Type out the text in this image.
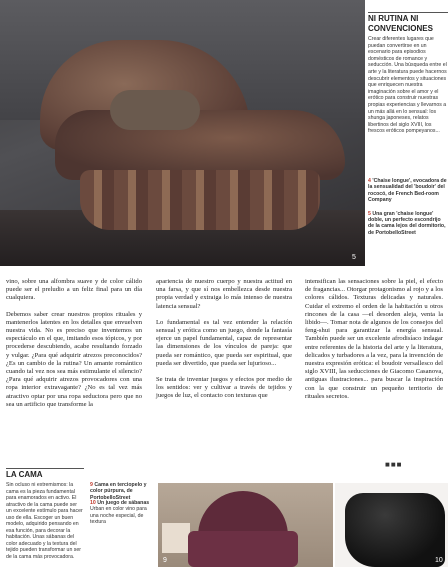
5
NI RUTINA NI CONVENCIONES
Crear diferentes lugares que puedan convertirse en un escenario para episodios domésticos de romance y seducción. Una búsqueda entre el arte y la literatura puede hacernos descubrir elementos y situaciones que enriquecen nuestra imaginación sobre el amor y el erótico para construir nuestras propias experiencias y llevarnos a un más allá en lo sensual: los shunga japoneses, relatos libertinos del siglo XVIII, los frescos eróticos pompeyanos...
4 'Chaise longue', evocadora de la sensualidad del 'boudoir' del rococó, de French Bed-room Company
5 Una gran 'chaise longue' doble, un perfecto escondrijo de la cama lejos del dormitorio, de PortobelloStreet

vino, sobre una alfombra suave y de color cálido puede ser el preludio a un feliz final para un día cualquiera.

Debemos saber crear nuestros propios rituales y mantenerlos latentes en los detalles que envuelven nuestra vida. No es preciso que inventemos un espectáculo en el que, imitando esos tópicos, y por procederse descubiendo, acabe resultando forzado y vulgar. ¿Para qué adquirir atrezos preconocidos? ¿Es un cambio de la rutina? Un amante romántico cuando tal vez nos sea más estimulante el silencio? ¿Para qué adquirir atrezos provocadores con una ropa interior extravagante? ¿No es tal vez más atractivo optar por una ropa seductora pero que no sea un artificio que transforme la

apariencia de nuestro cuerpo y nuestra actitud en una farsa, y que sí nos embellezca desde nuestra propia verdad y extraiga lo más intenso de nuestra latencia sensual?

Lo fundamental es tal vez entender la relación sensual y erótica como un juego, donde la fantasía ejerce un papel fundamental, capaz de representar las dimensiones de los vínculos de pareja: que pueda ser romántico, que pueda ser espiritual, que pueda ser divertido, que pueda ser lujurioso...

Se trata de inventar juegos y efectos por medio de los sentidos: ver y cultivar a través de tejidos y juegos de luz, el contacto con texturas que

intensifican las sensaciones sobre la piel, el efecto de fragancias... Otorgar protagonismo al rojo y a los colores cálidos. Texturas delicadas y naturales. Cuidar el extremo el orden de la habitación u otros rincones de la casa —el desorden aleja, venta la libido—. Tomar nota de algunos de los consejos del feng-shui para garantizar la energía sensual. También puede ser un excelente afrodisíaco indagar entre referentes de la historia del arte y la literatura, delicados y turbadores a la vez, para la invención de nuestra expresión erótica: el boudoir versallesco del siglo XVIII, las seducciones de Giacomo Casanova, antiguas ilustraciones... para buscar la inspiración con la que construir un pequeño territorio de rituales secretos.

■■■
LA CAMA
Sin ocluso ni extremismos: la cama es la pieza fundamental para enamorados en activo. El atractivo de la cama puede ser un excelente estímulo para hacer uso de ella. Escoger un buen modelo, adquirido pensando en esa función, para decorar la habitación. Unas sábanas del color adecuado y la textura del tejido pueden transformar un ser de la cama más provocadora.
9 Cama en terciopelo y color púrpura, de PortobelloStreet
10 Un juego de sábanas Urban en color vino para una noche especial, de textura
9	10
